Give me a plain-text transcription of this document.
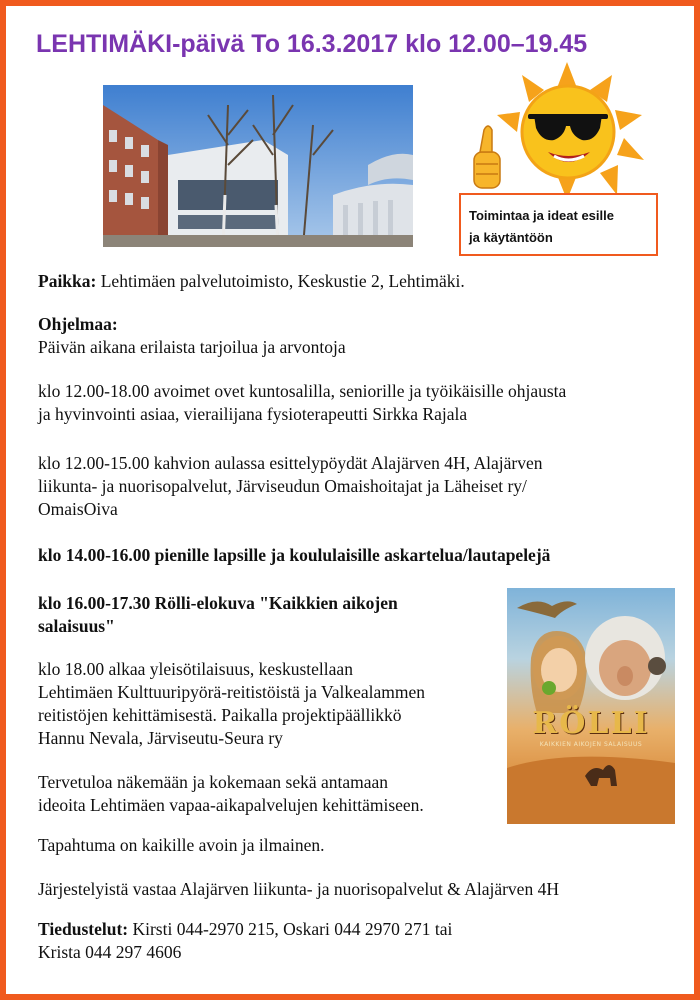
LEHTIMÄKI-päivä To 16.3.2017 klo 12.00–19.45
Toimintaa ja ideat esille
ja käytäntöön
Paikka: Lehtimäen palvelutoimisto, Keskustie 2, Lehtimäki.
Ohjelmaa:
Päivän aikana erilaista tarjoilua ja arvontoja
klo 12.00-18.00 avoimet ovet kuntosalilla, seniorille ja työikäisille ohjausta
ja hyvinvointi asiaa, vierailijana fysioterapeutti Sirkka Rajala
klo 12.00-15.00 kahvion aulassa esittelypöydät Alajärven 4H, Alajärven
liikunta- ja nuorisopalvelut, Järviseudun Omaishoitajat ja Läheiset ry/
OmaisOiva
klo 14.00-16.00 pienille lapsille ja koululaisille askartelua/lautapelejä
klo 16.00-17.30 Rölli-elokuva "Kaikkien aikojen
salaisuus"
klo 18.00 alkaa yleisötilaisuus, keskustellaan
Lehtimäen Kulttuuripyörä-reitistöistä ja Valkealammen
reitistöjen kehittämisestä. Paikalla projektipäällikkö
Hannu Nevala, Järviseutu-Seura ry
Tervetuloa näkemään ja kokemaan sekä antamaan
ideoita Lehtimäen vapaa-aikapalvelujen kehittämiseen.
Tapahtuma on kaikille avoin ja ilmainen.
Järjestelyistä vastaa Alajärven liikunta- ja nuorisopalvelut & Alajärven 4H
Tiedustelut: Kirsti 044-2970 215, Oskari 044 2970 271 tai
Krista 044 297 4606
RÖLLI
KAIKKIEN AIKOJEN SALAISUUS
